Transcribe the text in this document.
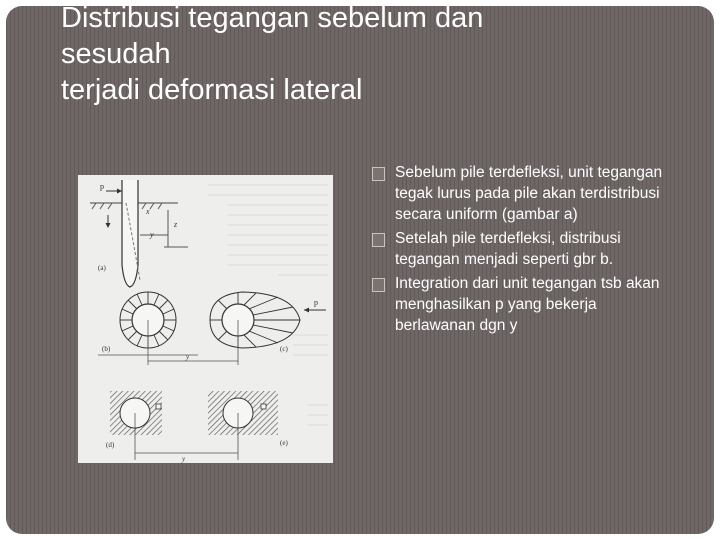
Distribusi tegangan sebelum dan
sesudah
terjadi deformasi lateral
p
x
y
z
(a)
(b)
p
(c)
y
(d)	(e)
y
Sebelum pile terdefleksi, unit tegangan tegak lurus pada pile akan terdistribusi secara uniform (gambar a)
Setelah pile terdefleksi, distribusi tegangan menjadi seperti gbr b.
Integration dari unit tegangan tsb akan menghasilkan p yang bekerja berlawanan dgn y
